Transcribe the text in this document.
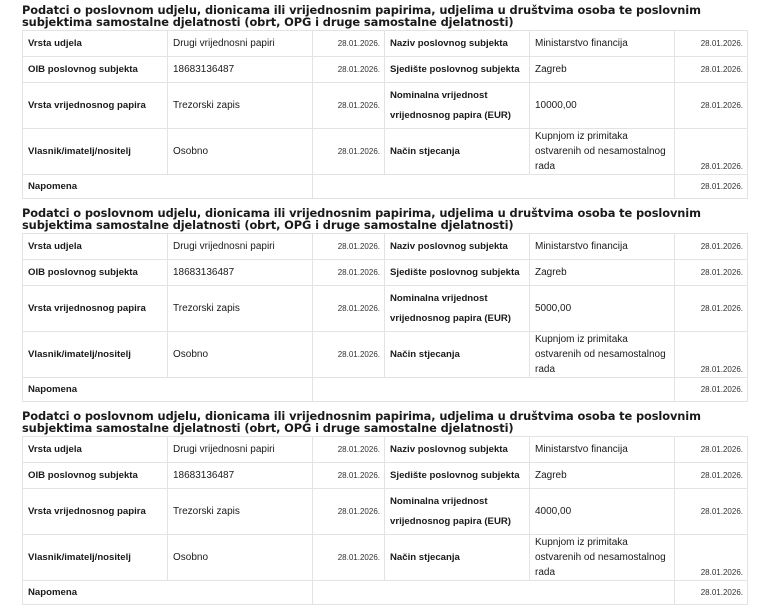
Podatci o poslovnom udjelu, dionicama ili vrijednosnim papirima, udjelima u društvima osoba te poslovnim subjektima samostalne djelatnosti (obrt, OPG i druge samostalne djelatnosti)
Vrsta udjela	Drugi vrijednosni papiri	28.01.2026.	Naziv poslovnog subjekta	Ministarstvo financija	28.01.2026.
OIB poslovnog subjekta	18683136487	28.01.2026.	Sjedište poslovnog subjekta	Zagreb	28.01.2026.
Vrsta vrijednosnog papira	Trezorski zapis	28.01.2026.	Nominalna vrijednost vrijednosnog papira (EUR)	10000,00	28.01.2026.
Vlasnik/imatelj/nositelj	Osobno	28.01.2026.	Način stjecanja	Kupnjom iz primitaka ostvarenih od nesamostalnog rada	28.01.2026.
Napomena					28.01.2026.
Podatci o poslovnom udjelu, dionicama ili vrijednosnim papirima, udjelima u društvima osoba te poslovnim subjektima samostalne djelatnosti (obrt, OPG i druge samostalne djelatnosti)
Vrsta udjela	Drugi vrijednosni papiri	28.01.2026.	Naziv poslovnog subjekta	Ministarstvo financija	28.01.2026.
OIB poslovnog subjekta	18683136487	28.01.2026.	Sjedište poslovnog subjekta	Zagreb	28.01.2026.
Vrsta vrijednosnog papira	Trezorski zapis	28.01.2026.	Nominalna vrijednost vrijednosnog papira (EUR)	5000,00	28.01.2026.
Vlasnik/imatelj/nositelj	Osobno	28.01.2026.	Način stjecanja	Kupnjom iz primitaka ostvarenih od nesamostalnog rada	28.01.2026.
Napomena					28.01.2026.
Podatci o poslovnom udjelu, dionicama ili vrijednosnim papirima, udjelima u društvima osoba te poslovnim subjektima samostalne djelatnosti (obrt, OPG i druge samostalne djelatnosti)
Vrsta udjela	Drugi vrijednosni papiri	28.01.2026.	Naziv poslovnog subjekta	Ministarstvo financija	28.01.2026.
OIB poslovnog subjekta	18683136487	28.01.2026.	Sjedište poslovnog subjekta	Zagreb	28.01.2026.
Vrsta vrijednosnog papira	Trezorski zapis	28.01.2026.	Nominalna vrijednost vrijednosnog papira (EUR)	4000,00	28.01.2026.
Vlasnik/imatelj/nositelj	Osobno	28.01.2026.	Način stjecanja	Kupnjom iz primitaka ostvarenih od nesamostalnog rada	28.01.2026.
Napomena					28.01.2026.
